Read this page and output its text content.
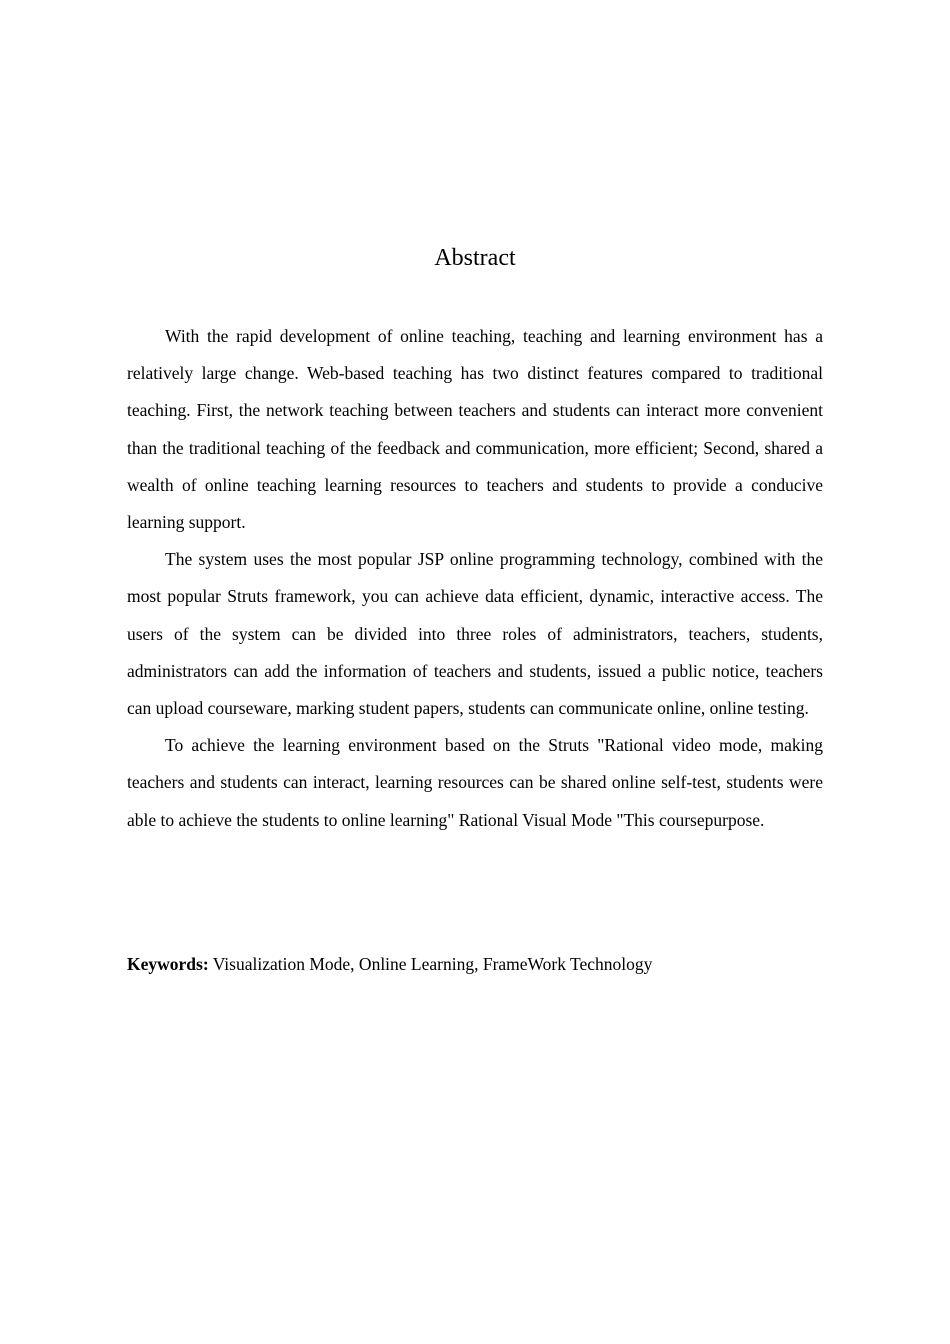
Abstract

With the rapid development of online teaching, teaching and learning environment has a relatively large change. Web-based teaching has two distinct features compared to traditional teaching. First, the network teaching between teachers and students can interact more convenient than the traditional teaching of the feedback and communication, more efficient; Second, shared a wealth of online teaching learning resources to teachers and students to provide a conducive learning support.

The system uses the most popular JSP online programming technology, combined with the most popular Struts framework, you can achieve data efficient, dynamic, interactive access. The users of the system can be divided into three roles of administrators, teachers, students, administrators can add the information of teachers and students, issued a public notice, teachers can upload courseware, marking student papers, students can communicate online, online testing.

To achieve the learning environment based on the Struts "Rational video mode, making teachers and students can interact, learning resources can be shared online self-test, students were able to achieve the students to online learning" Rational Visual Mode "This coursepurpose.

Keywords: Visualization Mode, Online Learning, FrameWork Technology
